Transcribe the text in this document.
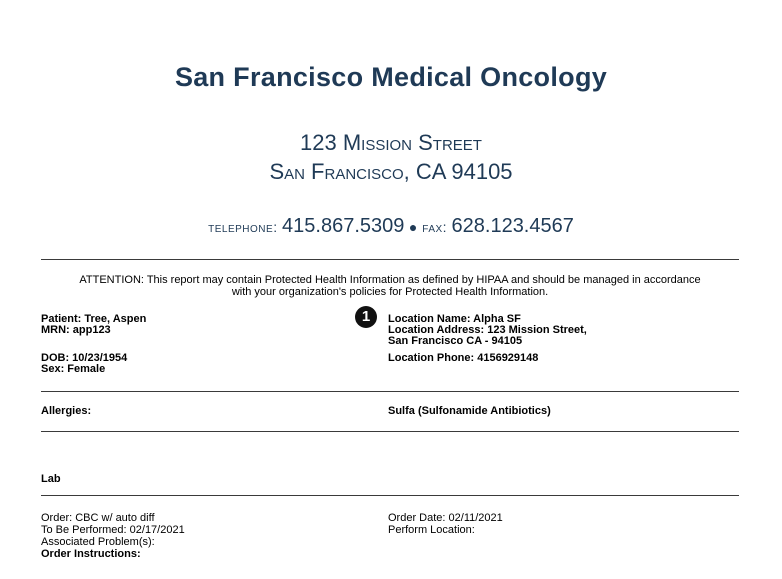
San Francisco Medical Oncology
123 Mission Street
San Francisco, CA 94105
telephone: 415.867.5309 ● fax: 628.123.4567
ATTENTION: This report may contain Protected Health Information as defined by HIPAA and should be managed in accordance
with your organization's policies for Protected Health Information.
Patient: Tree, Aspen
MRN: app123
DOB: 10/23/1954
Sex: Female
1	Location Name: Alpha SF
Location Address: 123 Mission Street,
San Francisco CA - 94105
Location Phone: 4156929148
Allergies:	Sulfa (Sulfonamide Antibiotics)
Lab
Order: CBC w/ auto diff
To Be Performed: 02/17/2021
Associated Problem(s):
Order Instructions:
Order Date: 02/11/2021
Perform Location:
